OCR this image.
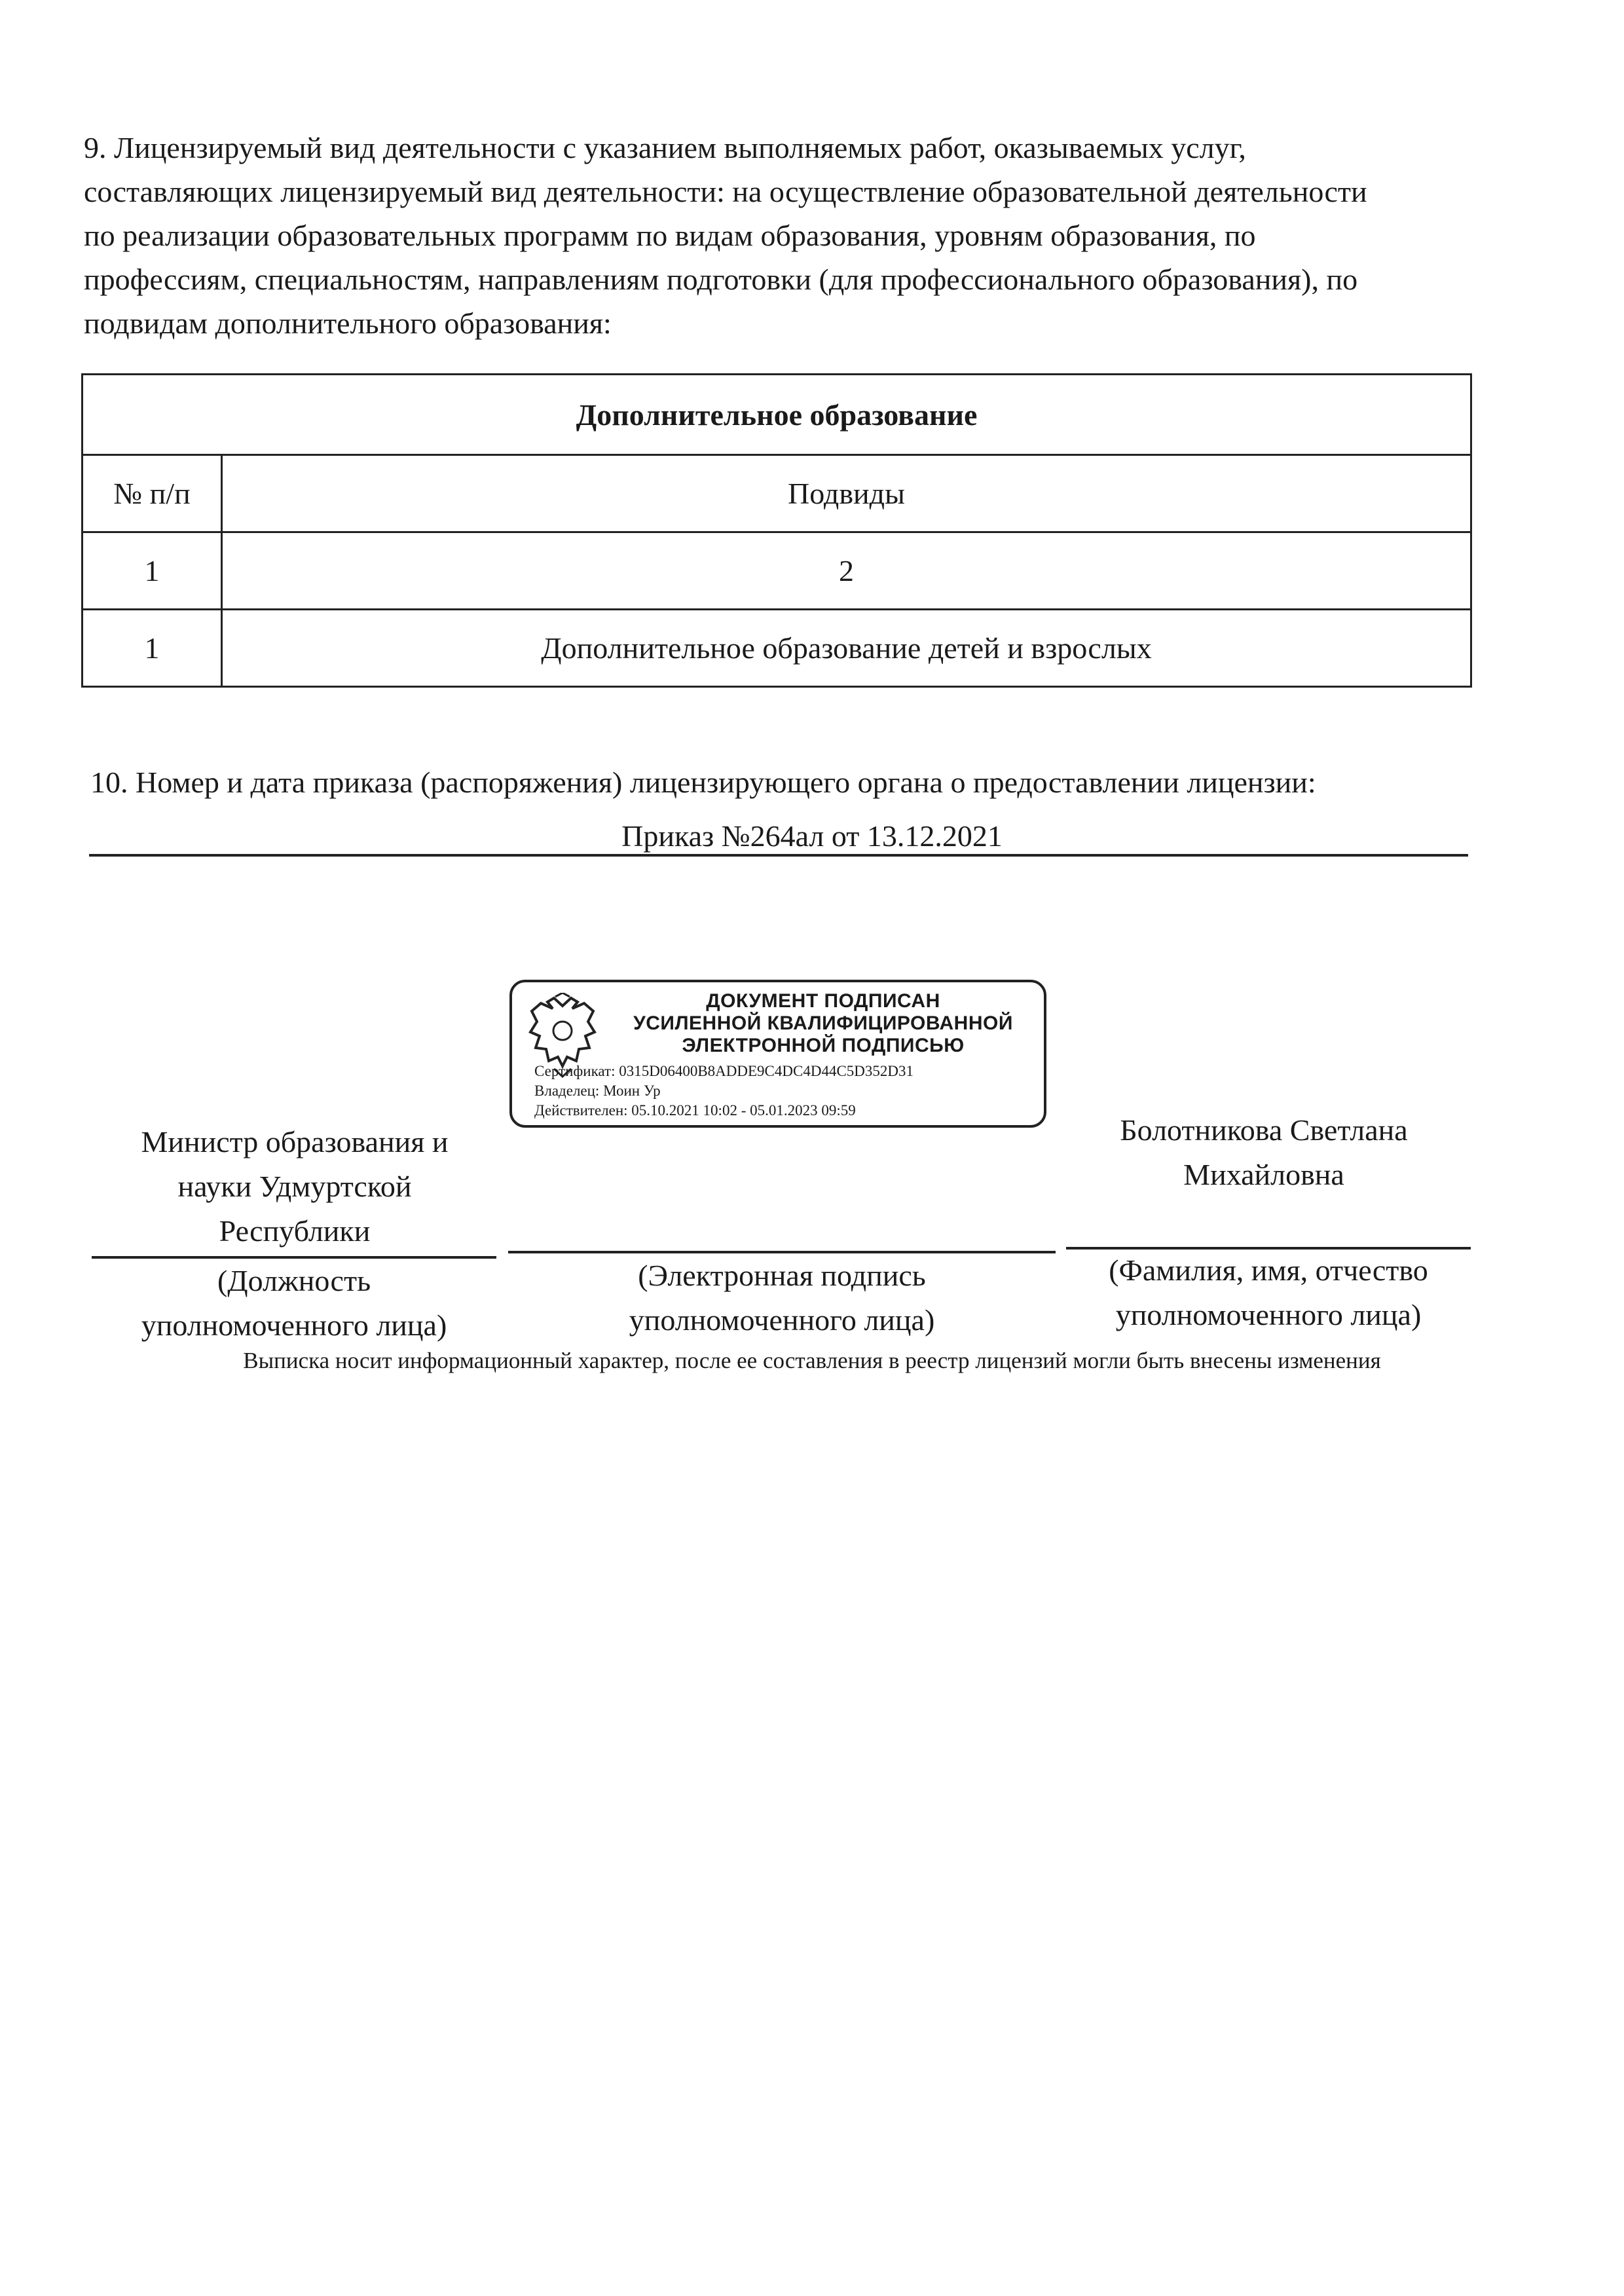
9. Лицензируемый вид деятельности с указанием выполняемых работ, оказываемых услуг,
составляющих лицензируемый вид деятельности: на осуществление образовательной деятельности
по реализации образовательных программ по видам образования, уровням образования, по
профессиям, специальностям, направлениям подготовки (для профессионального образования), по
подвидам дополнительного образования:
Дополнительное образование	
№ п/п	Подвиды
1	2
1	Дополнительное образование детей и взрослых
10. Номер и дата приказа (распоряжения) лицензирующего органа о предоставлении лицензии:
Приказ №264ал от 13.12.2021
ДОКУМЕНТ ПОДПИСАН
УСИЛЕННОЙ КВАЛИФИЦИРОВАННОЙ
ЭЛЕКТРОННОЙ ПОДПИСЬЮ
Сертификат: 0315D06400B8ADDE9C4DC4D44C5D352D31
Владелец: Моин Ур
Действителен: 05.10.2021 10:02 - 05.01.2023 09:59
Министр образования и
науки Удмуртской
Республики
Болотникова Светлана
Михайловна
(Должность
уполномоченного лица)
(Электронная подпись
уполномоченного лица)
(Фамилия, имя, отчество
уполномоченного лица)
Выписка носит информационный характер, после ее составления в реестр лицензий могли быть внесены изменения
